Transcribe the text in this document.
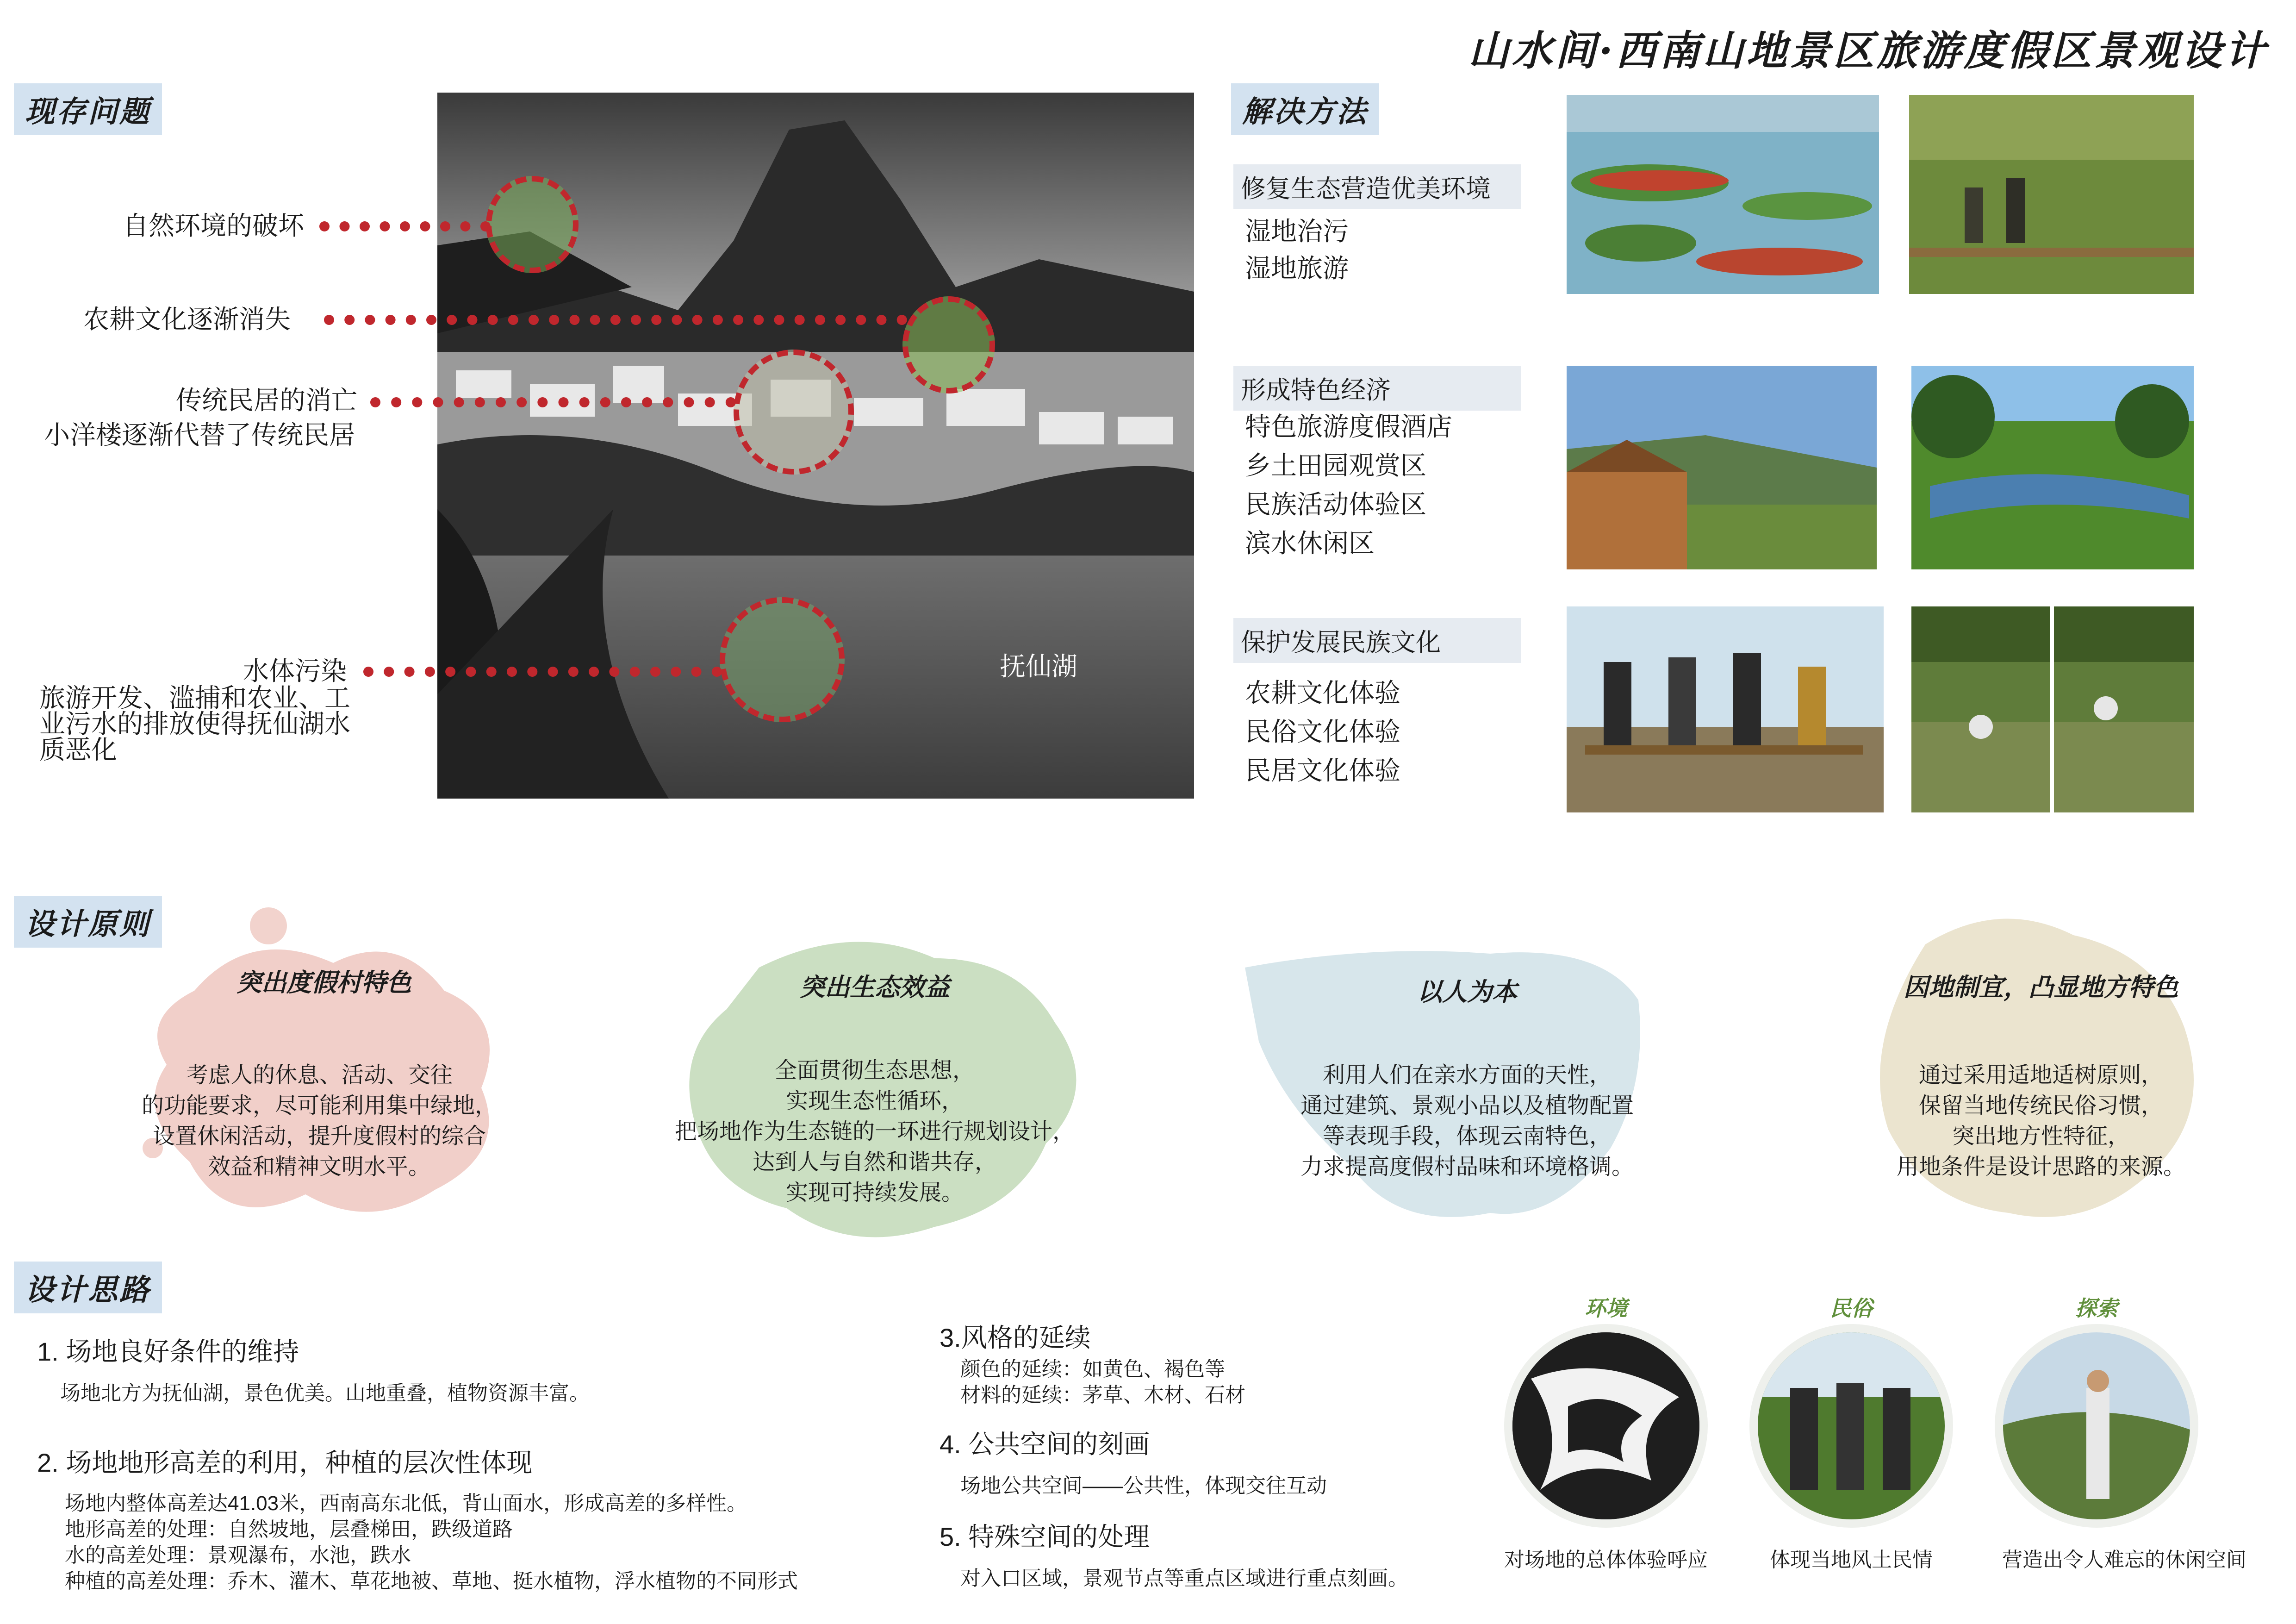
山水间·西南山地景区旅游度假区景观设计
现存问题
抚仙湖
自然环境的破坏
农耕文化逐渐消失
传统民居的消亡
小洋楼逐渐代替了传统民居
水体污染
旅游开发、滥捕和农业、工
业污水的排放使得抚仙湖水
质恶化
解决方法
修复生态营造优美环境
湿地治污
湿地旅游
形成特色经济
特色旅游度假酒店
乡土田园观赏区
民族活动体验区
滨水休闲区
保护发展民族文化
农耕文化体验
民俗文化体验
民居文化体验
设计原则
突出度假村特色
考虑人的休息、活动、交往
的功能要求，尽可能利用集中绿地，
设置休闲活动，提升度假村的综合
效益和精神文明水平。
突出生态效益
全面贯彻生态思想，
实现生态性循环，
把场地作为生态链的一环进行规划设计，
达到人与自然和谐共存，
实现可持续发展。
以人为本
利用人们在亲水方面的天性，
通过建筑、景观小品以及植物配置
等表现手段，体现云南特色，
力求提高度假村品味和环境格调。
因地制宜，凸显地方特色
通过采用适地适树原则，
保留当地传统民俗习惯，
突出地方性特征，
用地条件是设计思路的来源。
设计思路
1. 场地良好条件的维持
场地北方为抚仙湖，景色优美。山地重叠，植物资源丰富。
2. 场地地形高差的利用，种植的层次性体现
场地内整体高差达41.03米，西南高东北低，背山面水，形成高差的多样性。
地形高差的处理：自然坡地，层叠梯田，跌级道路
水的高差处理：景观瀑布，水池，跌水
种植的高差处理：乔木、灌木、草花地被、草地、挺水植物，浮水植物的不同形式
3.风格的延续
颜色的延续：如黄色、褐色等
材料的延续：茅草、木材、石材
4. 公共空间的刻画
场地公共空间——公共性，体现交往互动
5. 特殊空间的处理
对入口区域，景观节点等重点区域进行重点刻画。
环境
对场地的总体体验呼应
民俗
体现当地风土民情
探索
营造出令人难忘的休闲空间
